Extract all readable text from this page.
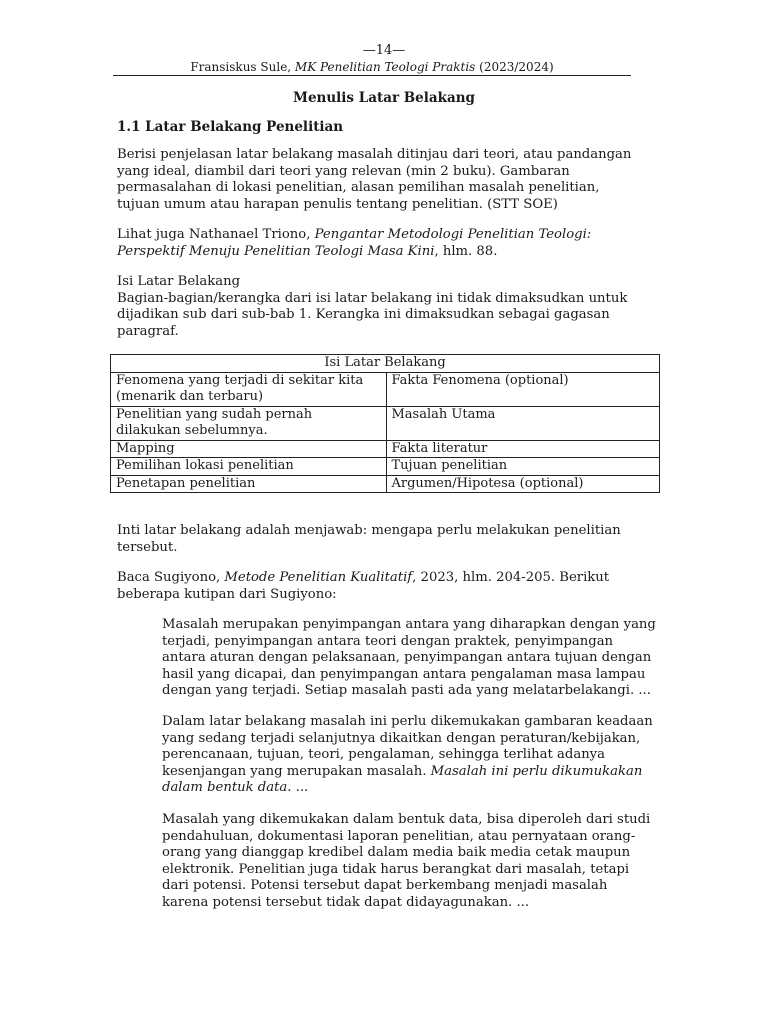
—14—
Fransiskus Sule, MK Penelitian Teologi Praktis (2023/2024)
Menulis Latar Belakang
1.1 Latar Belakang Penelitian
Berisi penjelasan latar belakang masalah ditinjau dari teori, atau pandangan yang ideal, diambil dari teori yang relevan (min 2 buku). Gambaran permasalahan di lokasi penelitian, alasan pemilihan masalah penelitian, tujuan umum atau harapan penulis tentang penelitian. (STT SOE)
Lihat juga Nathanael Triono, Pengantar Metodologi Penelitian Teologi: Perspektif Menuju Penelitian Teologi Masa Kini, hlm. 88.
Isi Latar Belakang
Bagian-bagian/kerangka dari isi latar belakang ini tidak dimaksudkan untuk dijadikan sub dari sub-bab 1. Kerangka ini dimaksudkan sebagai gagasan paragraf.
Isi Latar Belakang	
Fenomena yang terjadi di sekitar kita (menarik dan terbaru)	Fakta Fenomena (optional)
Penelitian yang sudah pernah dilakukan sebelumnya.	Masalah Utama
Mapping	Fakta literatur
Pemilihan lokasi penelitian	Tujuan penelitian
Penetapan penelitian	Argumen/Hipotesa (optional)
Inti latar belakang adalah menjawab: mengapa perlu melakukan penelitian tersebut.
Baca Sugiyono, Metode Penelitian Kualitatif, 2023, hlm. 204-205. Berikut beberapa kutipan dari Sugiyono:
Masalah merupakan penyimpangan antara yang diharapkan dengan yang terjadi, penyimpangan antara teori dengan praktek, penyimpangan antara aturan dengan pelaksanaan, penyimpangan antara tujuan dengan hasil yang dicapai, dan penyimpangan antara pengalaman masa lampau dengan yang terjadi. Setiap masalah pasti ada yang melatarbelakangi. ...
Dalam latar belakang masalah ini perlu dikemukakan gambaran keadaan yang sedang terjadi selanjutnya dikaitkan dengan peraturan/kebijakan, perencanaan, tujuan, teori, pengalaman, sehingga terlihat adanya kesenjangan yang merupakan masalah. Masalah ini perlu dikumukakan dalam bentuk data. ...
Masalah yang dikemukakan dalam bentuk data, bisa diperoleh dari studi pendahuluan, dokumentasi laporan penelitian, atau pernyataan orang-orang yang dianggap kredibel dalam media baik media cetak maupun elektronik. Penelitian juga tidak harus berangkat dari masalah, tetapi dari potensi. Potensi tersebut dapat berkembang menjadi masalah karena potensi tersebut tidak dapat didayagunakan. ...
